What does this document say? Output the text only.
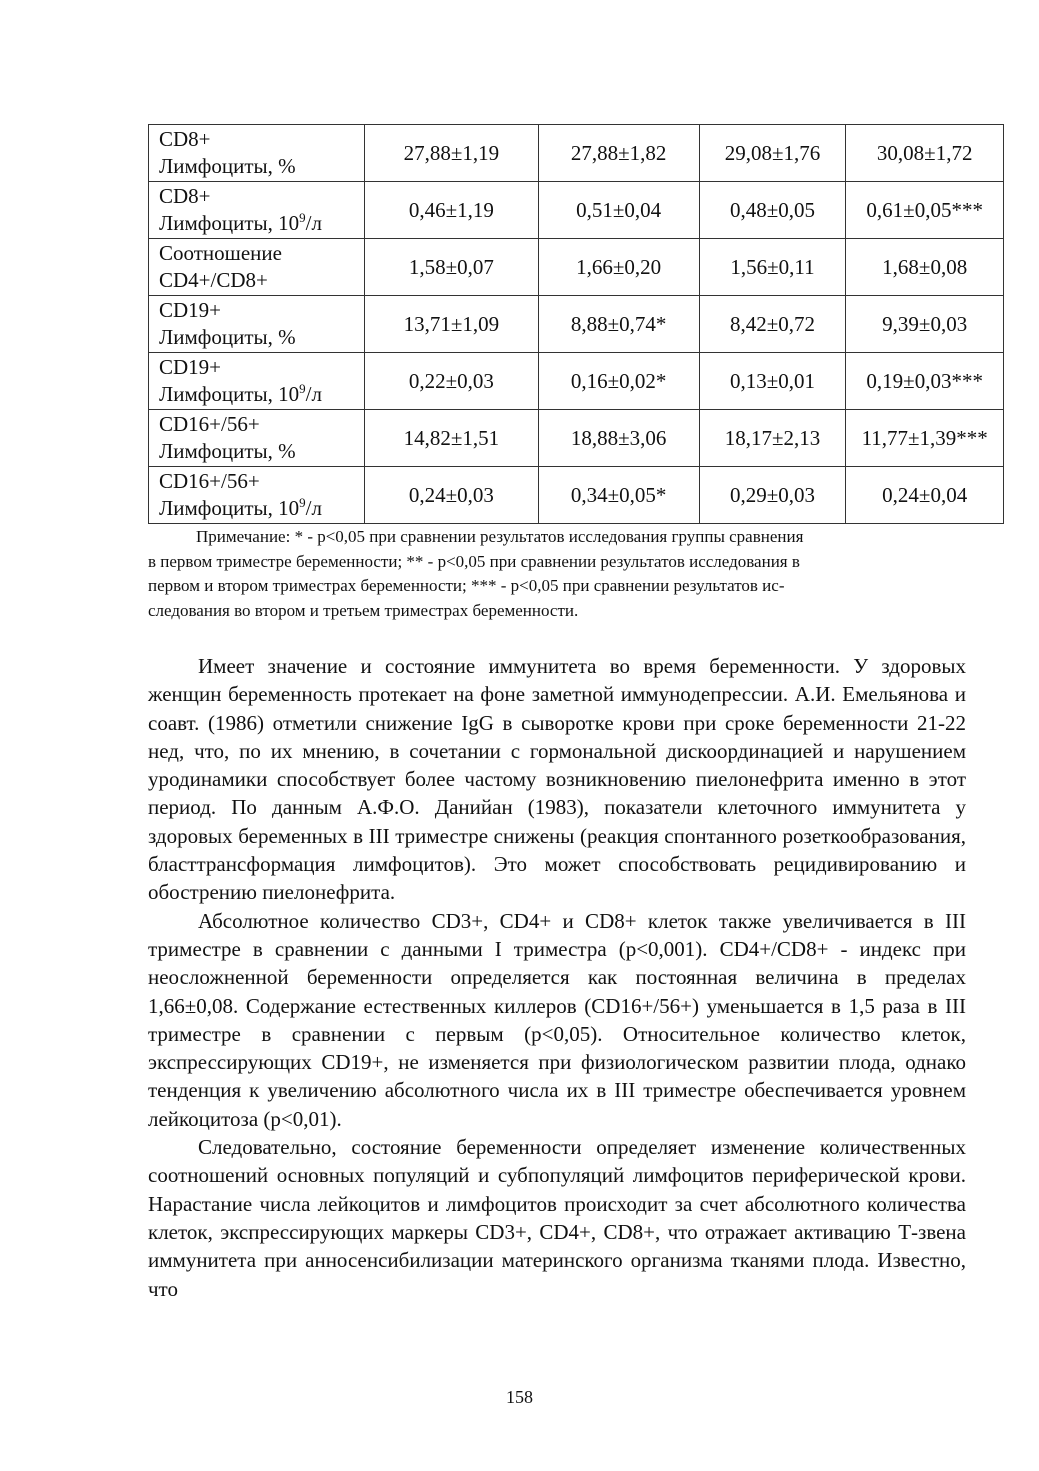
CD8+
Лимфоциты, %	27,88±1,19	27,88±1,82	29,08±1,76	30,08±1,72

CD8+
Лимфоциты, $10^9/л$	0,46±1,19	0,51±0,04	0,48±0,05	0,61±0,05***

Соотношение
CD4+/CD8+	1,58±0,07	1,66±0,20	1,56±0,11	1,68±0,08

CD19+
Лимфоциты, %	13,71±1,09	8,88±0,74*	8,42±0,72	9,39±0,03

CD19+
Лимфоциты, $10^9/л$	0,22±0,03	0,16±0,02*	0,13±0,01	0,19±0,03***

CD16+/56+
Лимфоциты, %	14,82±1,51	18,88±3,06	18,17±2,13	11,77±1,39***

CD16+/56+
Лимфоциты, $10^9/л$	0,24±0,03	0,34±0,05*	0,29±0,03	0,24±0,04
Примечание: * - p<0,05 при сравнении результатов исследования группы сравнения
в первом триместре беременности; ** - p<0,05 при сравнении результатов исследования в
первом и втором триместрах беременности; *** - p<0,05 при сравнении результатов ис-
следования во втором и третьем триместрах беременности.

Имеет значение и состояние иммунитета во время беременности. У здоровых женщин беременность протекает на фоне заметной иммунодепрессии. А.И. Емельянова и соавт. (1986) отметили снижение IgG в сыворотке крови при сроке беременности 21-22 нед, что, по их мнению, в сочетании с гормональной дискоординацией и нарушением уродинамики способствует более частому возникновению пиелонефрита именно в этот период. По данным А.Ф.О. Данийан (1983), показатели клеточного иммунитета у здоровых беременных в III триместре снижены (реакция спонтанного розеткообразования, бласттрансформация лимфоцитов). Это может способствовать рецидивированию и обострению пиелонефрита.

Абсолютное количество CD3+, CD4+ и CD8+ клеток также увеличивается в III триместре в сравнении с данными I триместра (p<0,001). CD4+/CD8+ - индекс при неосложненной беременности определяется как постоянная величина в пределах 1,66±0,08. Содержание естественных киллеров (CD16+/56+) уменьшается в 1,5 раза в III триместре в сравнении с первым (p<0,05). Относительное количество клеток, экспрессирующих CD19+, не изменяется при физиологическом развитии плода, однако тенденция к увеличению абсолютного числа их в III триместре обеспечивается уровнем лейкоцитоза (p<0,01).

Следовательно, состояние беременности определяет изменение количественных соотношений основных популяций и субпопуляций лимфоцитов периферической крови. Нарастание числа лейкоцитов и лимфоцитов происходит за счет абсолютного количества клеток, экспрессирующих маркеры CD3+, CD4+, CD8+, что отражает активацию Т-звена иммунитета при анносенсибилизации материнского организма тканями плода. Известно, что

158
